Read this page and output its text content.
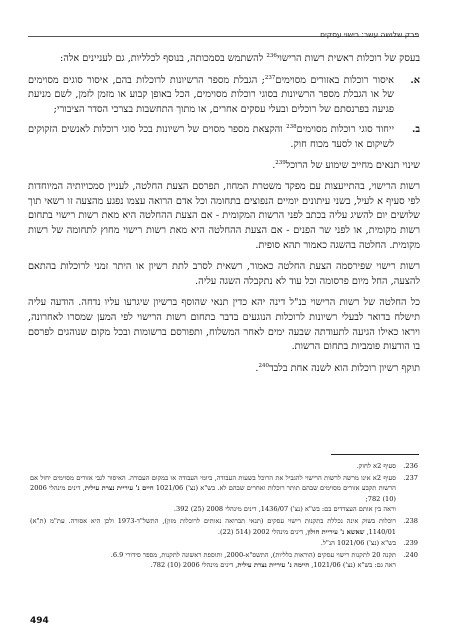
פרק שלושה עשר: רישוי עסקים

בעסק של רוכלות ראשית רשות הרישוי$^{236}$ להשתמש בסמכותה, בנוסף לכלליות, גם לעניינים אלה:

א.
איסור רוכלות באזורים מסוימים$^{237}$; הגבלת מספר הרשיונות לרוכלות בהם, איסור סוגים מסוימים של או הגבלת מספר הרשיונות בסוגי רוכלות מסוימים, הכל באופן קבוע או מזמן לזמן, לשם מניעת פגיעה בפרנסתם של רוכלים ובעלי עסקים אחרים, או מתוך התחשבות בצרכי הסדר הציבורי;
ב.
ייחוד סוגי רוכלות מסוימים$^{238}$ והקצאת מספר מסוים של רשיונות בכל סוגי רוכלות לאנשים הזקוקים לשיקום או לסעד מכוח חוק.

שינוי תנאים מחייב שימוע של הרוכל$^{239}$.

רשות הרישוי, בהתייעצות עם מפקד משטרת המחוז, תפרסם הצעת החלטה, לעניין סמכויותיה המיוחדות לפי סעיף א לעיל, בשני עיתונים יומיים הנפוצים בתחומה וכל אדם הרואה עצמו נפגע מהצעה זו רשאי תוך שלושים יום להשיג עליה בכתב לפני הרשות המקומית - אם הצעת ההחלטה היא מאת רשות רישוי בתחום רשות מקומית, או לפני שר הפנים - אם הצעת ההחלטה היא מאת רשות רישוי מחוץ לתחומה של רשות מקומית. החלטה בהשגה כאמור תהא סופית.

רשות רישוי שפירסמה הצעת החלטה כאמור, רשאית לסרב לתת רשיון או היתר זמני לרוכלות בהתאם להצעה, החל מיום פרסומה וכל עוד לא נתקבלה השגה עליה.

כל החלטה של רשות הרישוי בנ"ל דינה יהא כדין תנאי שהוסף ברשיון שיגרעו עליו נדחה. הודעה עליה תישלח בדואר לבעלי רשיונות לרוכלות הנוגעים בדבר בתחום רשות הרישוי לפי המען שמסרו לאחרונה, ויראו כאילו הגיעה לתעודתה שבעה ימים לאחר המשלוח, ותפורסם ברשומות ובכל מקום שנוהגים לפרסם בו הודעות פומביות בתחום הרשות.

תוקף רשיון רוכלות הוא לשנה אחת בלבד$^{240}$.

236.

סעיף 2א לחוק.

237.

סעיף 2א אינו מרשה לרשות הרישוי להגביל את הרוכל בשעות העבודה, ביומי העבודה או במקום העבודה. האיסור לגבי אזורים מסוימים יחול אם הרשות תקבע אזורים מסוימים שבהם תותר רוכלות ואחרים שבהם לא. בש"א (נצ') 1021/06 חיים נ' עיריית נצרת עילית, דינים מינהלי 2006 (10) 782;

וראה בין אותם העצדדים בם: בש"א (נצ') 1436/07, דינים מינהלי 2008 (25) 392.

238.

רוכלות בשוק אינה נכללת בתקנות רישוי עסקים (תנאי תברואה נאותים לרוכלות מזון), התשל"ד-1973 ולכן היא אסורה. עת"מ (ת"א) 1140/01, שאשא נ' עיריית חולון, דינים מינהלי 2002 (514 (22).

239.

בש"א (נצ') 1021/06 הנ"ל.

240.

תקנה 20 לתקנות רישוי עסקים (הוראות כלליות), התשס"א-2000, ותוספת ראשונה לתקנות, מספר סידורי 6.9.

ראה גם: בש"א (נצ') 1021/06, חיימה נ' עיריית נצרת עילית, דינים מינהלי 2006 (10) 782.

494
